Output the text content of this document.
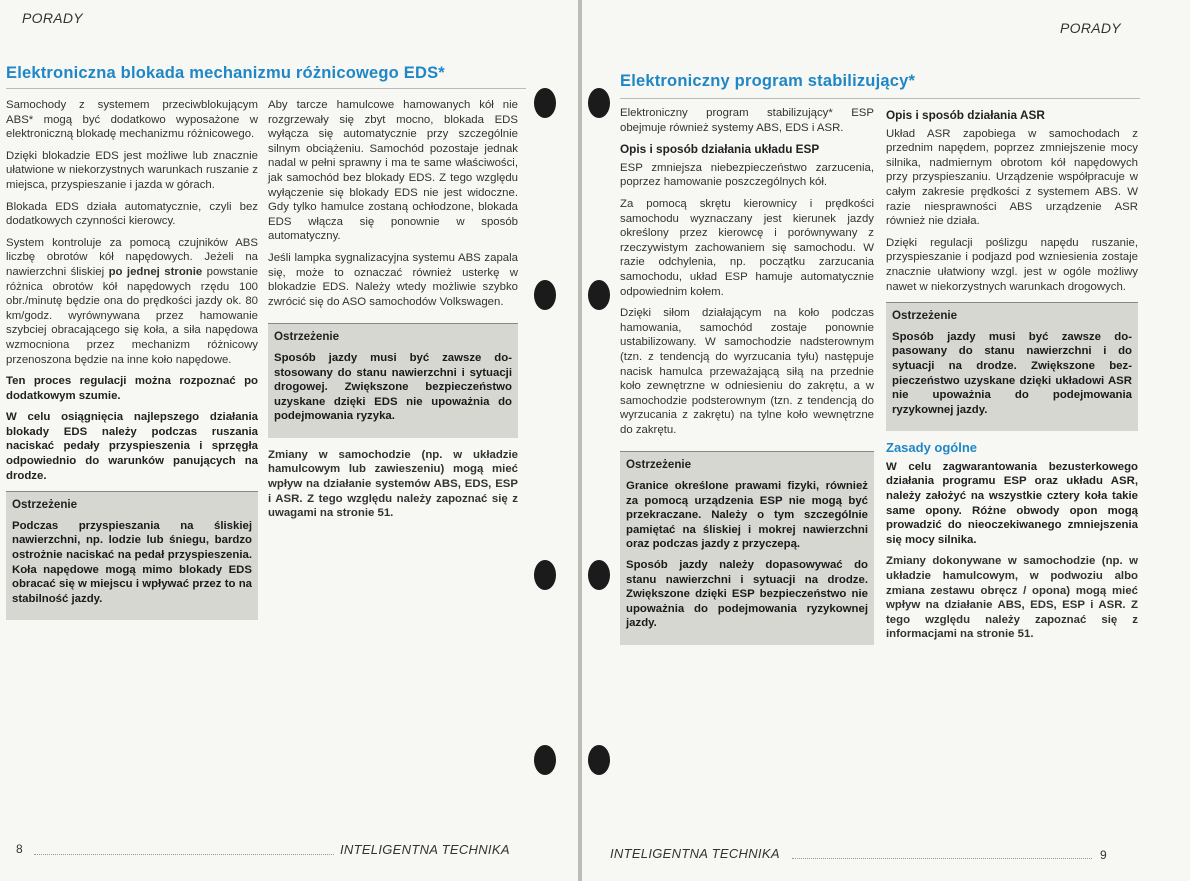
PORADY
Elektroniczna blokada mechanizmu różnicowego EDS*

Samochody z systemem przeciwblokującym ABS* mogą być dodatkowo wyposażone w elektroniczną blokadę mechanizmu różnicowego.

Dzięki blokadzie EDS jest możliwe lub znacznie ułatwione w niekorzystnych warunkach ruszanie z miejsca, przyspieszanie i jazda w górach.

Blokada EDS działa automatycznie, czyli bez dodatkowych czynności kierowcy.

System kontroluje za pomocą czujników ABS liczbę obrotów kół napędowych. Jeżeli na nawierzchni śliskiej po jednej stronie powstanie różnica obrotów kół napędowych rzędu 100 obr./minutę będzie ona do prędkości jazdy ok. 80 km/godz. wyrównywana przez hamowanie szybciej obracającego się koła, a siła napędowa wzmocniona przez mechanizm różnicowy przenoszona będzie na inne koło napędowe.

Ten proces regulacji można rozpoznać po dodatkowym szumie.

W celu osiągnięcia najlepszego działania blokady EDS należy podczas ruszania naciskać pedały przyspieszenia i sprzęgła odpowiednio do warunków panujących na drodze.

Ostrzeżenie

Podczas przyspieszania na śliskiej nawierzchni, np. lodzie lub śniegu, bardzo ostrożnie naciskać na pedał przyspieszenia. Koła napędowe mogą mimo blokady EDS obracać się w miejscu i wpływać przez to na stabilność jazdy.

Aby tarcze hamulcowe hamowanych kół nie rozgrzewały się zbyt mocno, blokada EDS wyłącza się automatycznie przy szczególnie silnym obciążeniu. Samochód pozostaje jednak nadal w pełni sprawny i ma te same właściwości, jak samochód bez blokady EDS. Z tego względu wyłączenie się blokady EDS nie jest widoczne. Gdy tylko hamulce zostaną ochłodzone, blokada EDS włącza się ponownie w sposób automatyczny.

Jeśli lampka sygnalizacyjna systemu ABS zapala się, może to oznaczać również usterkę w blokadzie EDS. Należy wtedy możliwie szybko zwrócić się do ASO samochodów Volkswagen.

Ostrzeżenie

Sposób jazdy musi być zawsze dostosowany do stanu nawierzchni i sytuacji drogowej. Zwiększone bezpieczeństwo uzyskane dzięki EDS nie upoważnia do podejmowania ryzyka.

Zmiany w samochodzie (np. w układzie hamulcowym lub zawieszeniu) mogą mieć wpływ na działanie systemów ABS, EDS, ESP i ASR. Z tego względu należy zapoznać się z uwagami na stronie 51.

8	INTELIGENTNA TECHNIKA
PORADY
Elektroniczny program stabilizujący*

Elektroniczny program stabilizujący* ESP obejmuje również systemy ABS, EDS i ASR.

Opis i sposób działania układu ESP

ESP zmniejsza niebezpieczeństwo zarzucenia, poprzez hamowanie poszczególnych kół.

Za pomocą skrętu kierownicy i prędkości samochodu wyznaczany jest kierunek jazdy określony przez kierowcę i porównywany z rzeczywistym zachowaniem się samochodu. W razie odchylenia, np. początku zarzucania samochodu, układ ESP hamuje automatycznie odpowiednim kołem.

Dzięki siłom działającym na koło podczas hamowania, samochód zostaje ponownie ustabilizowany. W samochodzie nadsterownym (tzn. z tendencją do wyrzucania tyłu) następuje nacisk hamulca przeważającą siłą na przednie koło zewnętrzne w odniesieniu do zakrętu, a w samochodzie podsterownym (tzn. z tendencją do wyrzucania z zakrętu) na tylne koło wewnętrzne do zakrętu.

Ostrzeżenie

Granice określone prawami fizyki, również za pomocą urządzenia ESP nie mogą być przekraczane. Należy o tym szczególnie pamiętać na śliskiej i mokrej nawierzchni oraz podczas jazdy z przyczepą.

Sposób jazdy należy dopasowywać do stanu nawierzchni i sytuacji na drodze. Zwiększone dzięki ESP bezpieczeństwo nie upoważnia do podejmowania ryzykownej jazdy.

Opis i sposób działania ASR

Układ ASR zapobiega w samochodach z przednim napędem, poprzez zmniejszenie mocy silnika, nadmiernym obrotom kół napędowych przy przyspieszaniu. Urządzenie współpracuje w całym zakresie prędkości z systemem ABS. W razie niesprawności ABS urządzenie ASR również nie działa.

Dzięki regulacji poślizgu napędu ruszanie, przyspieszanie i podjazd pod wzniesienia zostaje znacznie ułatwiony wzgl. jest w ogóle możliwy nawet w niekorzystnych warunkach drogowych.

Ostrzeżenie

Sposób jazdy musi być zawsze dopasowany do stanu nawierzchni i do sytuacji na drodze. Zwiększone bezpieczeństwo uzyskane dzięki układowi ASR nie upoważnia do podejmowania ryzykownej jazdy.

Zasady ogólne

W celu zagwarantowania bezusterkowego działania programu ESP oraz układu ASR, należy założyć na wszystkie cztery koła takie same opony. Różne obwody opon mogą prowadzić do nieoczekiwanego zmniejszenia się mocy silnika.

Zmiany dokonywane w samochodzie (np. w układzie hamulcowym, w podwoziu albo zmiana zestawu obręcz / opona) mogą mieć wpływ na działanie ABS, EDS, ESP i ASR. Z tego względu należy zapoznać się z informacjami na stronie 51.

INTELIGENTNA TECHNIKA	9
